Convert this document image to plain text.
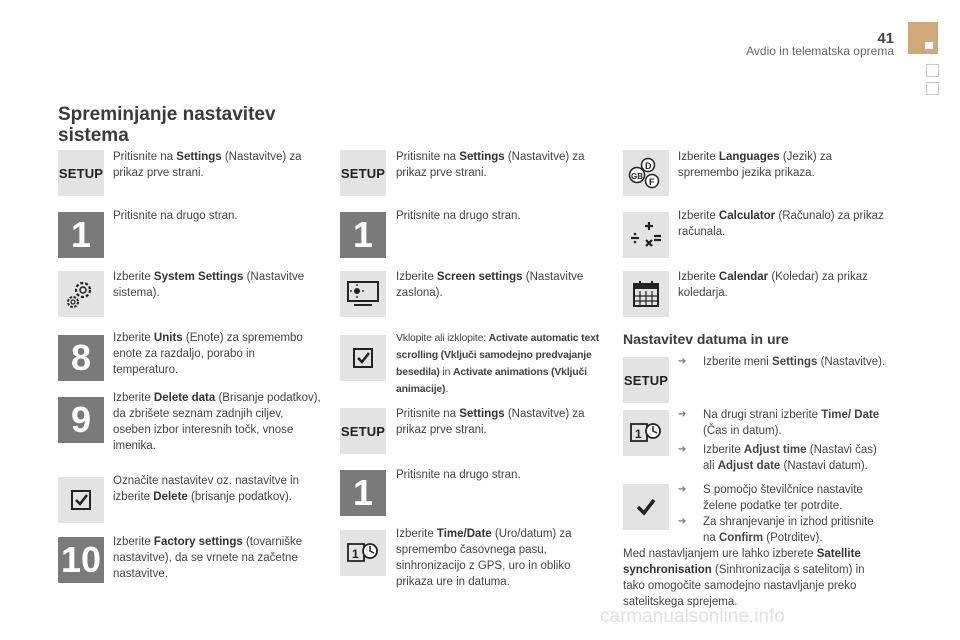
41
Avdio in telematska oprema
Spreminjanje nastavitev
sistema
SETUP
Pritisnite na Settings (Nastavitve) za prikaz prve strani.
1 Pritisnite na drugo stran.
Izberite System Settings (Nastavitve sistema).
8 Izberite Units (Enote) za spremembo enote za razdaljo, porabo in temperaturo.
9
Izberite Delete data (Brisanje podatkov), da zbrišete seznam zadnjih ciljev, oseben izbor interesnih točk, vnose imenika.
Označite nastavitev oz. nastavitve in izberite Delete (brisanje podatkov).
10 Izberite Factory settings (tovarniške nastavitve), da se vrnete na začetne nastavitve.
SETUP
Pritisnite na Settings (Nastavitve) za prikaz prve strani.
1 Pritisnite na drugo stran.
Izberite Screen settings (Nastavitve zaslona).
Vklopite ali izklopite: Activate automatic text scrolling (Vključi samodejno predvajanje besedila) in Activate animations (Vključi animacije).
SETUP
Pritisnite na Settings (Nastavitve) za prikaz prve strani.
1 Pritisnite na drugo stran.
1
Izberite Time/Date (Uro/datum) za spremembo časovnega pasu, sinhronizacijo z GPS, uro in obliko prikaza ure in datuma.
D
GB
F
Izberite Languages (Jezik) za spremembo jezika prikaza.
Izberite Calculator (Računalo) za prikaz računala.
Izberite Calendar (Koledar) za prikaz koledarja.
Nastavitev datuma in ure
SETUP
➔ Izberite meni Settings (Nastavitve).
1
➔ Na drugi strani izberite Time/ Date (Čas in datum).
➔ Izberite Adjust time (Nastavi čas) ali Adjust date (Nastavi datum).
➔ S pomočjo številčnice nastavite želene podatke ter potrdite.
➔ Za shranjevanje in izhod pritisnite na Confirm (Potrditev).
Med nastavljanjem ure lahko izberete Satellite synchronisation (Sinhronizacija s satelitom) in tako omogočite samodejno nastavljanje preko satelitskega sprejema.
carmanualsonline.info
